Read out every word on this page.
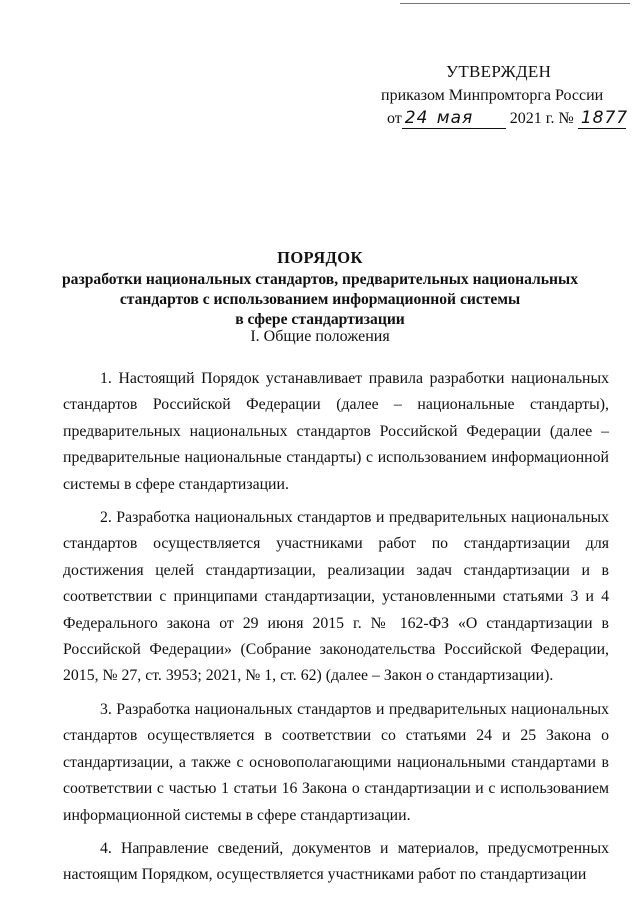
УТВЕРЖДЕН
приказом Минпромторга России
от 24 мая 2021 г. № 1877
ПОРЯДОК
разработки национальных стандартов, предварительных национальных
стандартов с использованием информационной системы
в сфере стандартизации
I. Общие положения

1. Настоящий Порядок устанавливает правила разработки национальных стандартов Российской Федерации (далее – национальные стандарты), предварительных национальных стандартов Российской Федерации (далее – предварительные национальные стандарты) с использованием информационной системы в сфере стандартизации.

2. Разработка национальных стандартов и предварительных национальных стандартов осуществляется участниками работ по стандартизации для достижения целей стандартизации, реализации задач стандартизации и в соответствии с принципами стандартизации, установленными статьями 3 и 4 Федерального закона от 29 июня 2015 г. № 162-ФЗ «О стандартизации в Российской Федерации» (Собрание законодательства Российской Федерации, 2015, № 27, ст. 3953; 2021, № 1, ст. 62) (далее – Закон о стандартизации).

3. Разработка национальных стандартов и предварительных национальных стандартов осуществляется в соответствии со статьями 24 и 25 Закона о стандартизации, а также с основополагающими национальными стандартами в соответствии с частью 1 статьи 16 Закона о стандартизации и с использованием информационной системы в сфере стандартизации.

4. Направление сведений, документов и материалов, предусмотренных настоящим Порядком, осуществляется участниками работ по стандартизации
